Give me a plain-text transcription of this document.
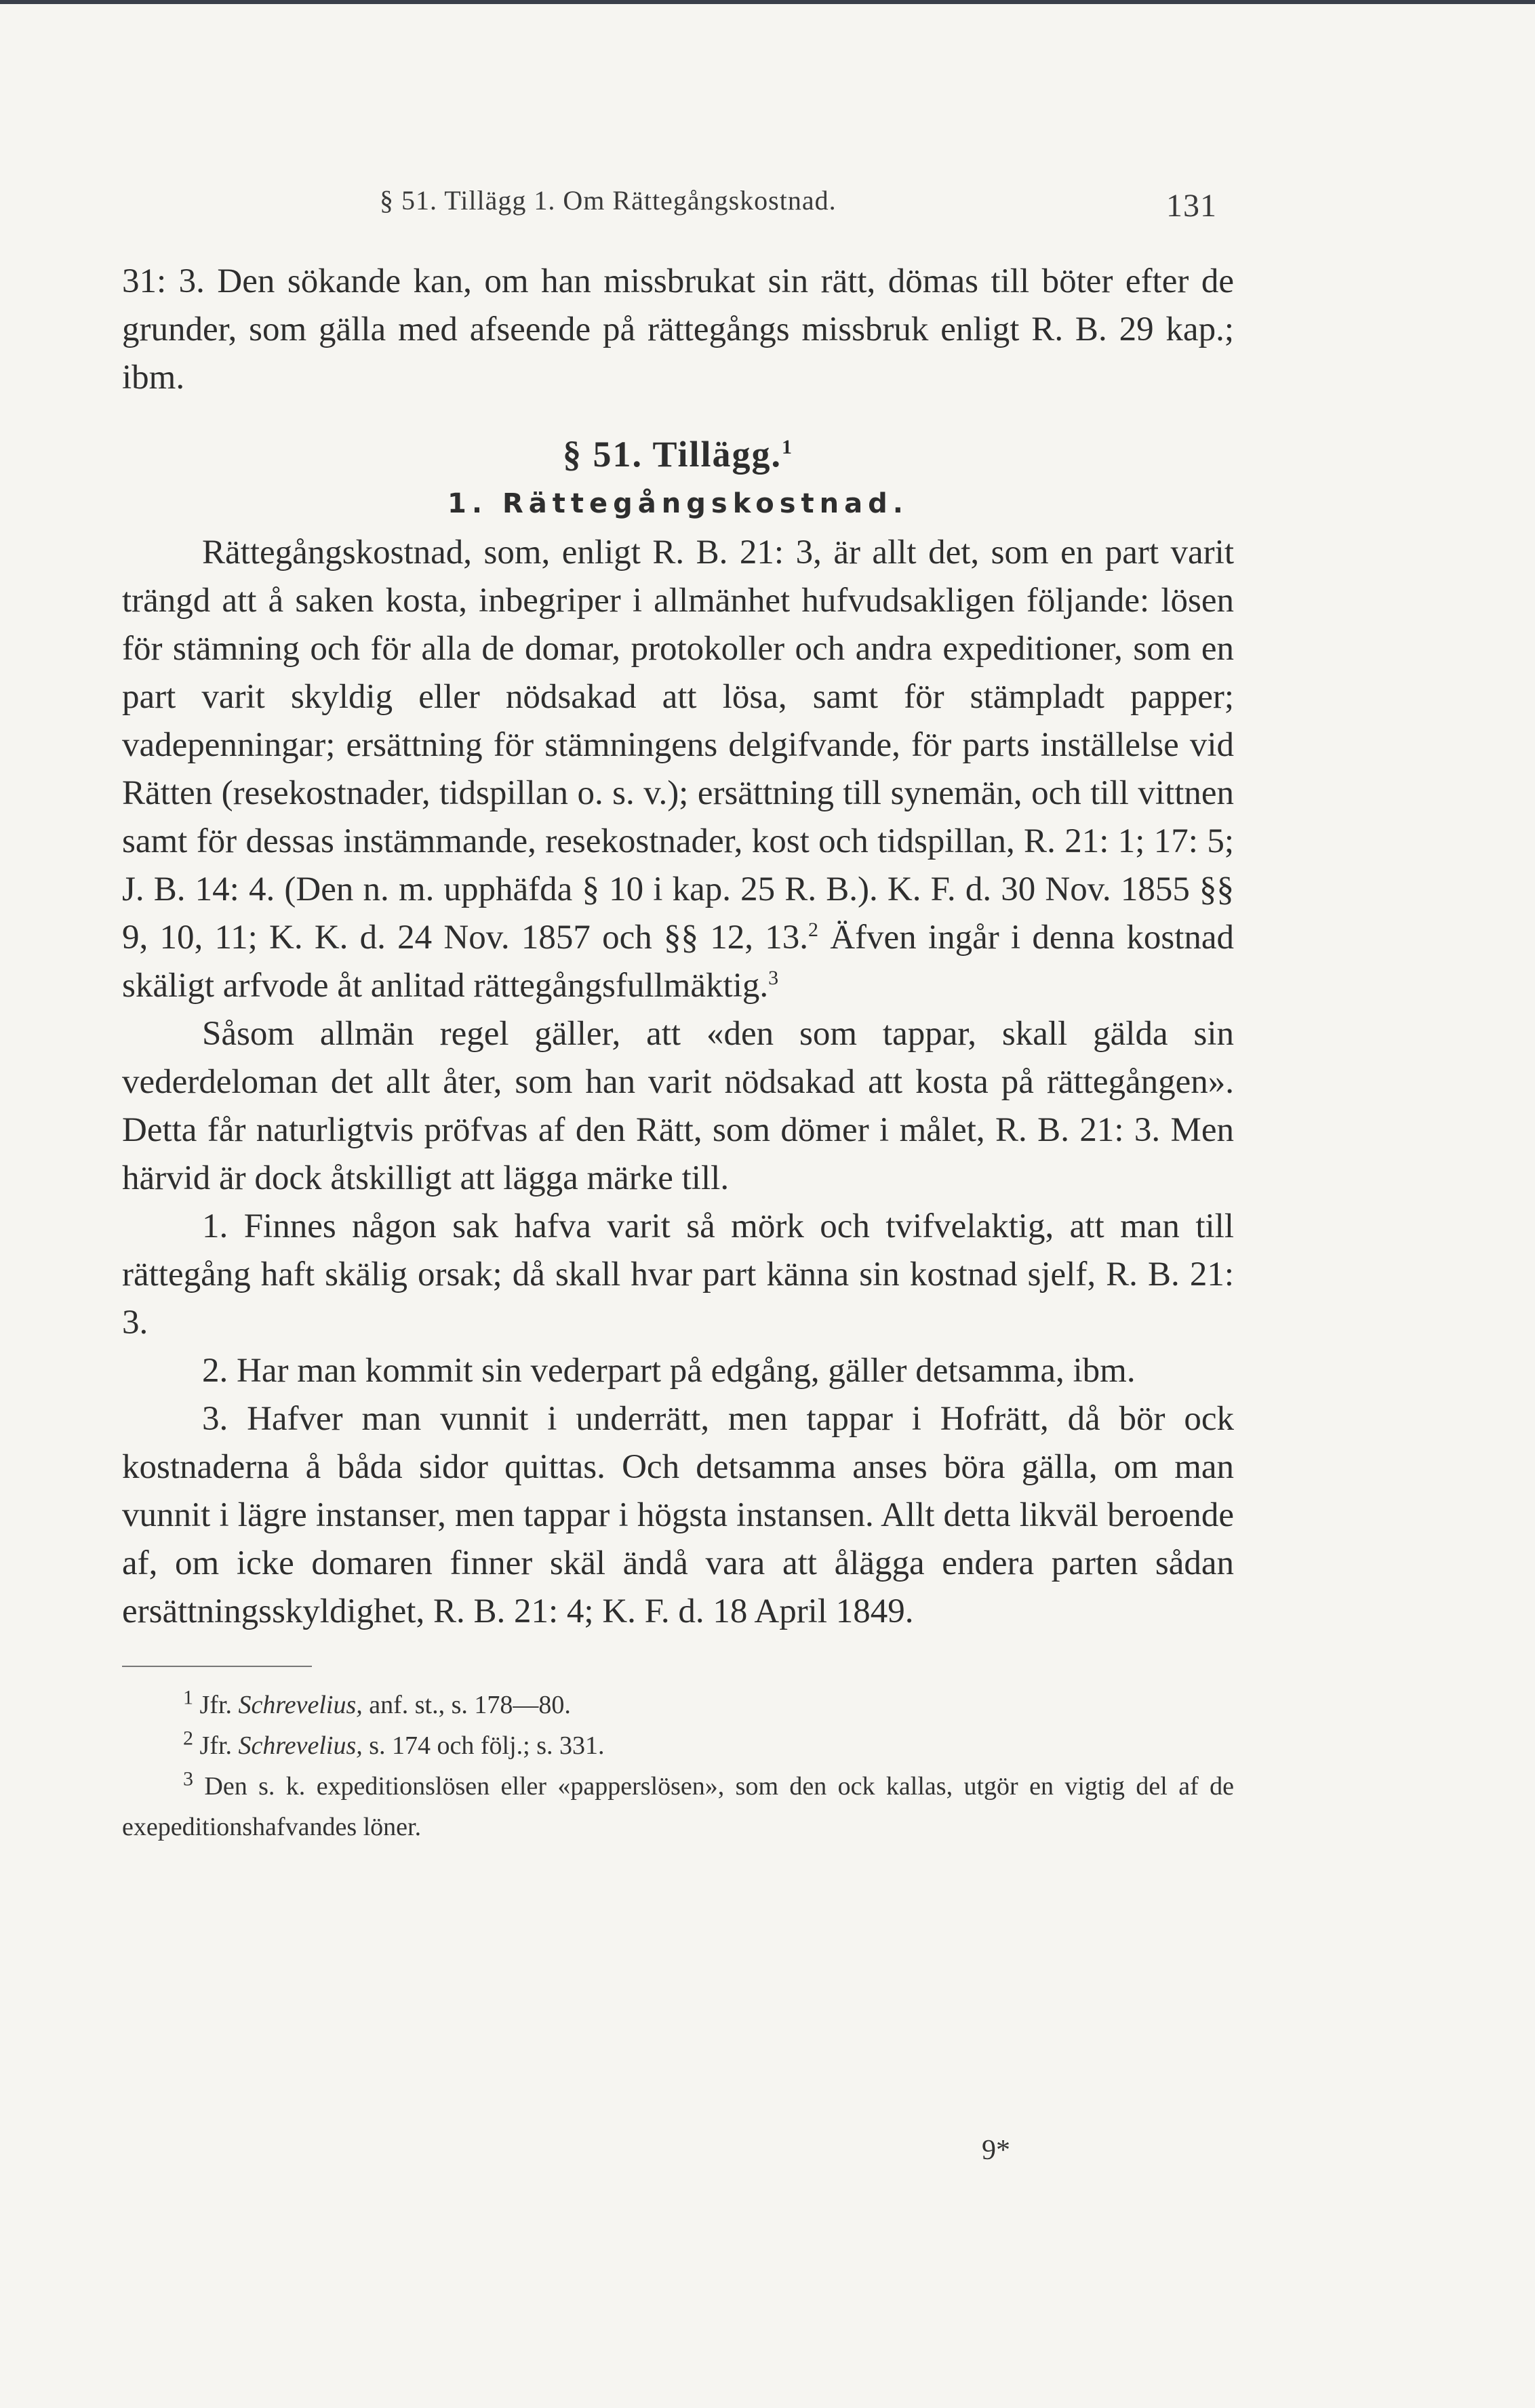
§ 51. Tillägg 1. Om Rättegångskostnad.	131

31: 3. Den sökande kan, om han missbrukat sin rätt, dömas till böter efter de grunder, som gälla med afseende på rättegångs missbruk enligt R. B. 29 kap.; ibm.

§ 51. Tillägg.$^1$
1. Rättegångskostnad.

Rättegångskostnad, som, enligt R. B. 21: 3, är allt det, som en part varit trängd att å saken kosta, inbegriper i allmänhet hufvudsakligen följande: lösen för stämning och för alla de domar, protokoller och andra expeditioner, som en part varit skyldig eller nödsakad att lösa, samt för stämpladt papper; vadepenningar; ersättning för stämningens delgifvande, för parts inställelse vid Rätten (resekostnader, tidspillan o. s. v.); ersättning till synemän, och till vittnen samt för dessas instämmande, resekostnader, kost och tidspillan, R. 21: 1; 17: 5; J. B. 14: 4. (Den n. m. upphäfda § 10 i kap. 25 R. B.). K. F. d. 30 Nov. 1855 §§ 9, 10, 11; K. K. d. 24 Nov. 1857 och §§ 12, 13.$^2$ Äfven ingår i denna kostnad skäligt arfvode åt anlitad rättegångsfullmäktig.$^3$

Såsom allmän regel gäller, att «den som tappar, skall gälda sin vederdeloman det allt åter, som han varit nödsakad att kosta på rättegången». Detta får naturligtvis pröfvas af den Rätt, som dömer i målet, R. B. 21: 3. Men härvid är dock åtskilligt att lägga märke till.

1. Finnes någon sak hafva varit så mörk och tvifvelaktig, att man till rättegång haft skälig orsak; då skall hvar part känna sin kostnad sjelf, R. B. 21: 3.

2. Har man kommit sin vederpart på edgång, gäller detsamma, ibm.

3. Hafver man vunnit i underrätt, men tappar i Hofrätt, då bör ock kostnaderna å båda sidor quittas. Och detsamma anses böra gälla, om man vunnit i lägre instanser, men tappar i högsta instansen. Allt detta likväl beroende af, om icke domaren finner skäl ändå vara att ålägga endera parten sådan ersättningsskyldighet, R. B. 21: 4; K. F. d. 18 April 1849.

$^1$ Jfr. Schrevelius, anf. st., s. 178—80.

$^2$ Jfr. Schrevelius, s. 174 och följ.; s. 331.

$^3$ Den s. k. expeditionslösen eller «papperslösen», som den ock kallas, utgör en vigtig del af de exepeditionshafvandes löner.

9*
